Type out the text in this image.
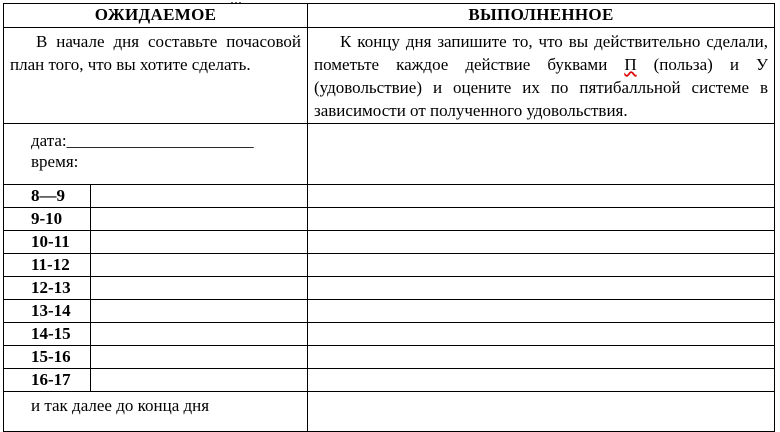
ОЖИДАЕМОЕ		ВЫПОЛНЕННОЕ
В начале дня составьте почасовой план того, что вы хотите сделать.		К концу дня запишите то, что вы действительно сделали, пометьте каждое действие буквами П (польза) и У (удовольствие) и оцените их по пятибалльной системе в зависимости от полученного удовольствия.

дата:______________________
время:		

8—9		
9-10		
10-11		
11-12		
12-13		
13-14		
14-15		
15-16		
16-17		
и так далее до конца дня		
